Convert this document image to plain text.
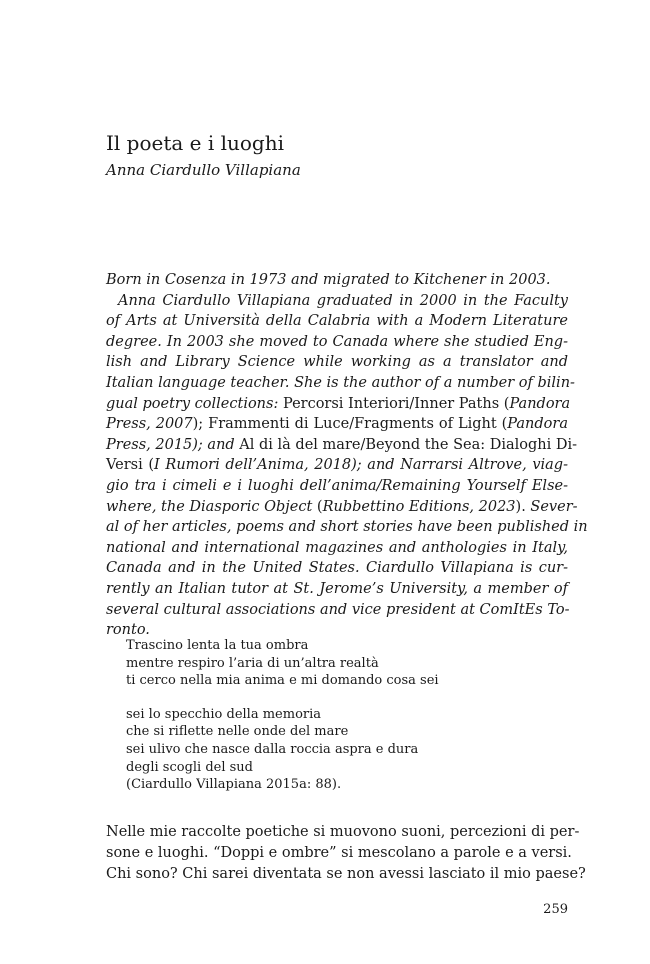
Il poeta e i luoghi

Anna Ciardullo Villapiana

Born in Cosenza in 1973 and migrated to Kitchener in 2003.
Anna Ciardullo Villapiana graduated in 2000 in the Faculty
of Arts at Università della Calabria with a Modern Literature
degree. In 2003 she moved to Canada where she studied Eng-
lish and Library Science while working as a translator and
Italian language teacher. She is the author of a number of bilin-
gual poetry collections: Percorsi Interiori/Inner Paths (Pandora
Press, 2007); Frammenti di Luce/Fragments of Light (Pandora
Press, 2015); and Al di là del mare/Beyond the Sea: Dialoghi Di-
Versi (I Rumori dell’Anima, 2018); and Narrarsi Altrove, viag-
gio tra i cimeli e i luoghi dell’anima/Remaining Yourself Else-
where, the Diasporic Object (Rubbettino Editions, 2023). Sever-
al of her articles, poems and short stories have been published in
national and international magazines and anthologies in Italy,
Canada and in the United States. Ciardullo Villapiana is cur-
rently an Italian tutor at St. Jerome’s University, a member of
several cultural associations and vice president at ComItEs To-
ronto.
Trascino lenta la tua ombra
mentre respiro l’aria di un’altra realtà
ti cerco nella mia anima e mi domando cosa sei
sei lo specchio della memoria
che si riflette nelle onde del mare
sei ulivo che nasce dalla roccia aspra e dura
degli scogli del sud
(Ciardullo Villapiana 2015a: 88).
Nelle mie raccolte poetiche si muovono suoni, percezioni di per-
sone e luoghi. “Doppi e ombre” si mescolano a parole e a versi.
Chi sono? Chi sarei diventata se non avessi lasciato il mio paese?

259
